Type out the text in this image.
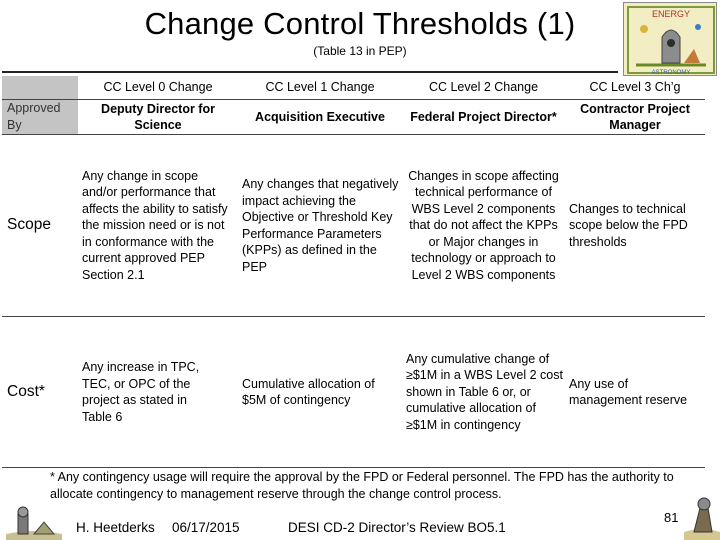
Change Control Thresholds (1)
(Table 13 in PEP)
ENERGY
ASTRONOMY
	CC Level 0 Change	CC Level 1 Change	CC Level 2 Change	CC Level 3 Ch’g
Approved By	Deputy Director for Science	Acquisition Executive	Federal Project Director*	Contractor Project Manager
Scope	Any change in scope and/or performance that affects the ability to satisfy the mission need or is not in conformance with the current approved PEP Section 2.1	Any changes that negatively impact achieving the Objective or Threshold Key Performance Parameters (KPPs) as defined in the PEP	Changes in scope affecting technical performance of WBS Level 2 components that do not affect the KPPs or Major changes in technology or approach to Level 2 WBS components	Changes to technical scope below the FPD thresholds
Cost*	Any increase in TPC, TEC, or OPC of the project as stated in Table 6	Cumulative allocation of $5M of contingency	Any cumulative change of ≥$1M in a WBS Level 2 cost shown in Table 6 or, or cumulative allocation of ≥$1M in contingency	Any use of management reserve
* Any contingency usage will require the approval by the FPD or Federal personnel. The FPD has the authority to allocate contingency to management reserve through the change control process.
H. Heetderks 06/17/2015	DESI CD-2 Director’s Review BO5.1
81
